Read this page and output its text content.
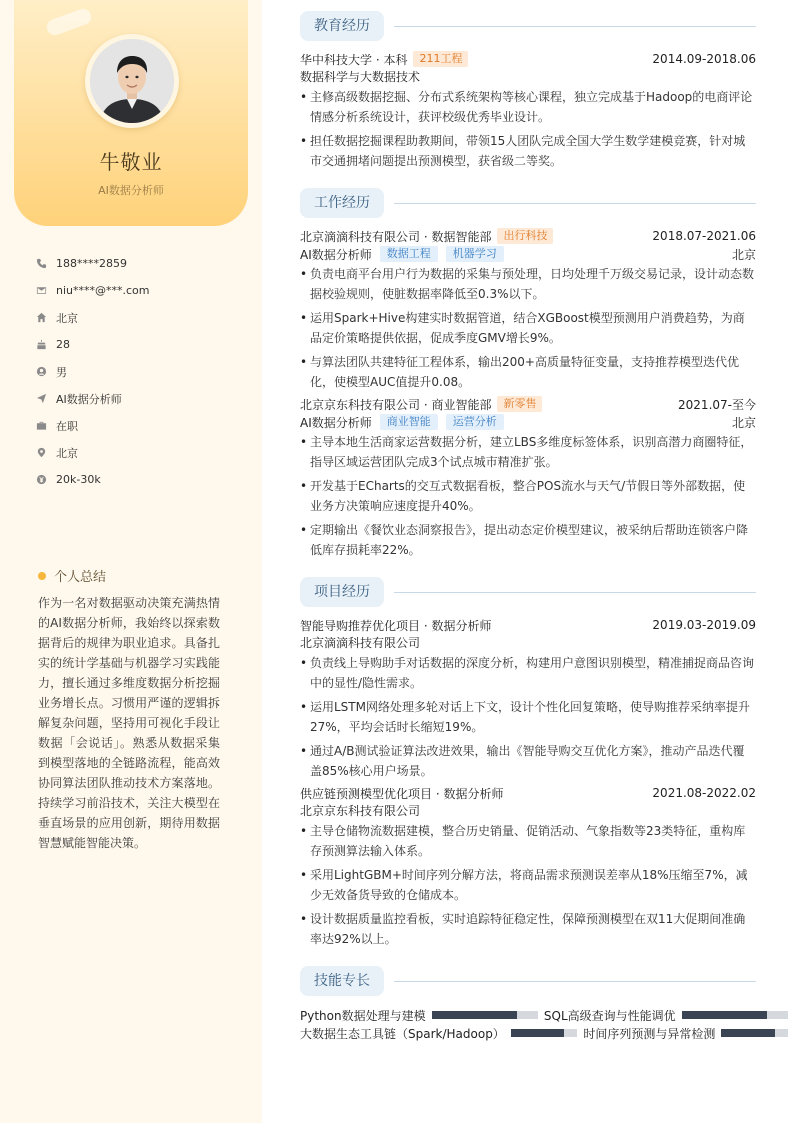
牛敬业
AI数据分析师
188****2859
niu****@***.com
北京
28
男
AI数据分析师
在职
北京
20k-30k
个人总结
作为一名对数据驱动决策充满热情的AI数据分析师，我始终以探索数据背后的规律为职业追求。具备扎实的统计学基础与机器学习实践能力，擅长通过多维度数据分析挖掘业务增长点。习惯用严谨的逻辑拆解复杂问题，坚持用可视化手段让数据「会说话」。熟悉从数据采集到模型落地的全链路流程，能高效协同算法团队推动技术方案落地。持续学习前沿技术，关注大模型在垂直场景的应用创新，期待用数据智慧赋能智能决策。
教育经历
华中科技大学 · 本科	211工程	2014.09-2018.06
数据科学与大数据技术
• 主修高级数据挖掘、分布式系统架构等核心课程，独立完成基于Hadoop的电商评论情感分析系统设计，获评校级优秀毕业设计。
• 担任数据挖掘课程助教期间，带领15人团队完成全国大学生数学建模竞赛，针对城市交通拥堵问题提出预测模型，获省级二等奖。
工作经历
北京滴滴科技有限公司 · 数据智能部	出行科技	2018.07-2021.06
AI数据分析师	数据工程	机器学习	北京
• 负责电商平台用户行为数据的采集与预处理，日均处理千万级交易记录，设计动态数据校验规则，使脏数据率降低至0.3%以下。
• 运用Spark+Hive构建实时数据管道，结合XGBoost模型预测用户消费趋势，为商品定价策略提供依据，促成季度GMV增长9%。
• 与算法团队共建特征工程体系，输出200+高质量特征变量，支持推荐模型迭代优化，使模型AUC值提升0.08。
北京京东科技有限公司 · 商业智能部	新零售	2021.07-至今
AI数据分析师	商业智能	运营分析	北京
• 主导本地生活商家运营数据分析，建立LBS多维度标签体系，识别高潜力商圈特征，指导区域运营团队完成3个试点城市精准扩张。
• 开发基于ECharts的交互式数据看板，整合POS流水与天气/节假日等外部数据，使业务方决策响应速度提升40%。
• 定期输出《餐饮业态洞察报告》，提出动态定价模型建议，被采纳后帮助连锁客户降低库存损耗率22%。
项目经历
智能导购推荐优化项目 · 数据分析师	2019.03-2019.09
北京滴滴科技有限公司
• 负责线上导购助手对话数据的深度分析，构建用户意图识别模型，精准捕捉商品咨询中的显性/隐性需求。
• 运用LSTM网络处理多轮对话上下文，设计个性化回复策略，使导购推荐采纳率提升27%，平均会话时长缩短19%。
• 通过A/B测试验证算法改进效果，输出《智能导购交互优化方案》，推动产品迭代覆盖85%核心用户场景。
供应链预测模型优化项目 · 数据分析师	2021.08-2022.02
北京京东科技有限公司
• 主导仓储物流数据建模，整合历史销量、促销活动、气象指数等23类特征，重构库存预测算法输入体系。
• 采用LightGBM+时间序列分解方法，将商品需求预测误差率从18%压缩至7%，减少无效备货导致的仓储成本。
• 设计数据质量监控看板，实时追踪特征稳定性，保障预测模型在双11大促期间准确率达92%以上。
技能专长
Python数据处理与建模	SQL高级查询与性能调优
大数据生态工具链（Spark/Hadoop）	时间序列预测与异常检测
